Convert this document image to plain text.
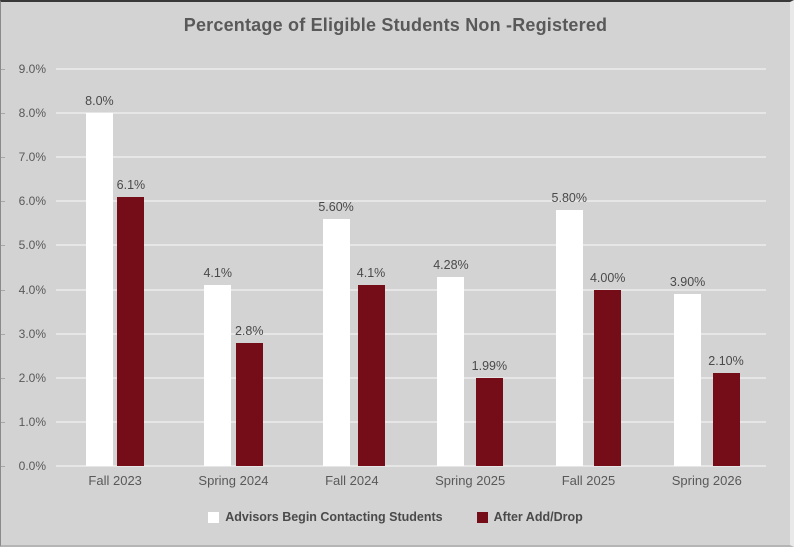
Percentage of Eligible Students Non -Registered
0.0%
1.0%
2.0%
3.0%
4.0%
5.0%
6.0%
7.0%
8.0%
9.0%
8.0%
6.1%
4.1%
2.8%
5.60%
4.1%
4.28%
1.99%
5.80%
4.00%	3.90%
2.10%
Fall 2023	Spring 2024	Fall 2024	Spring 2025	Fall 2025	Spring 2026
Advisors Begin Contacting Students	After Add/Drop
